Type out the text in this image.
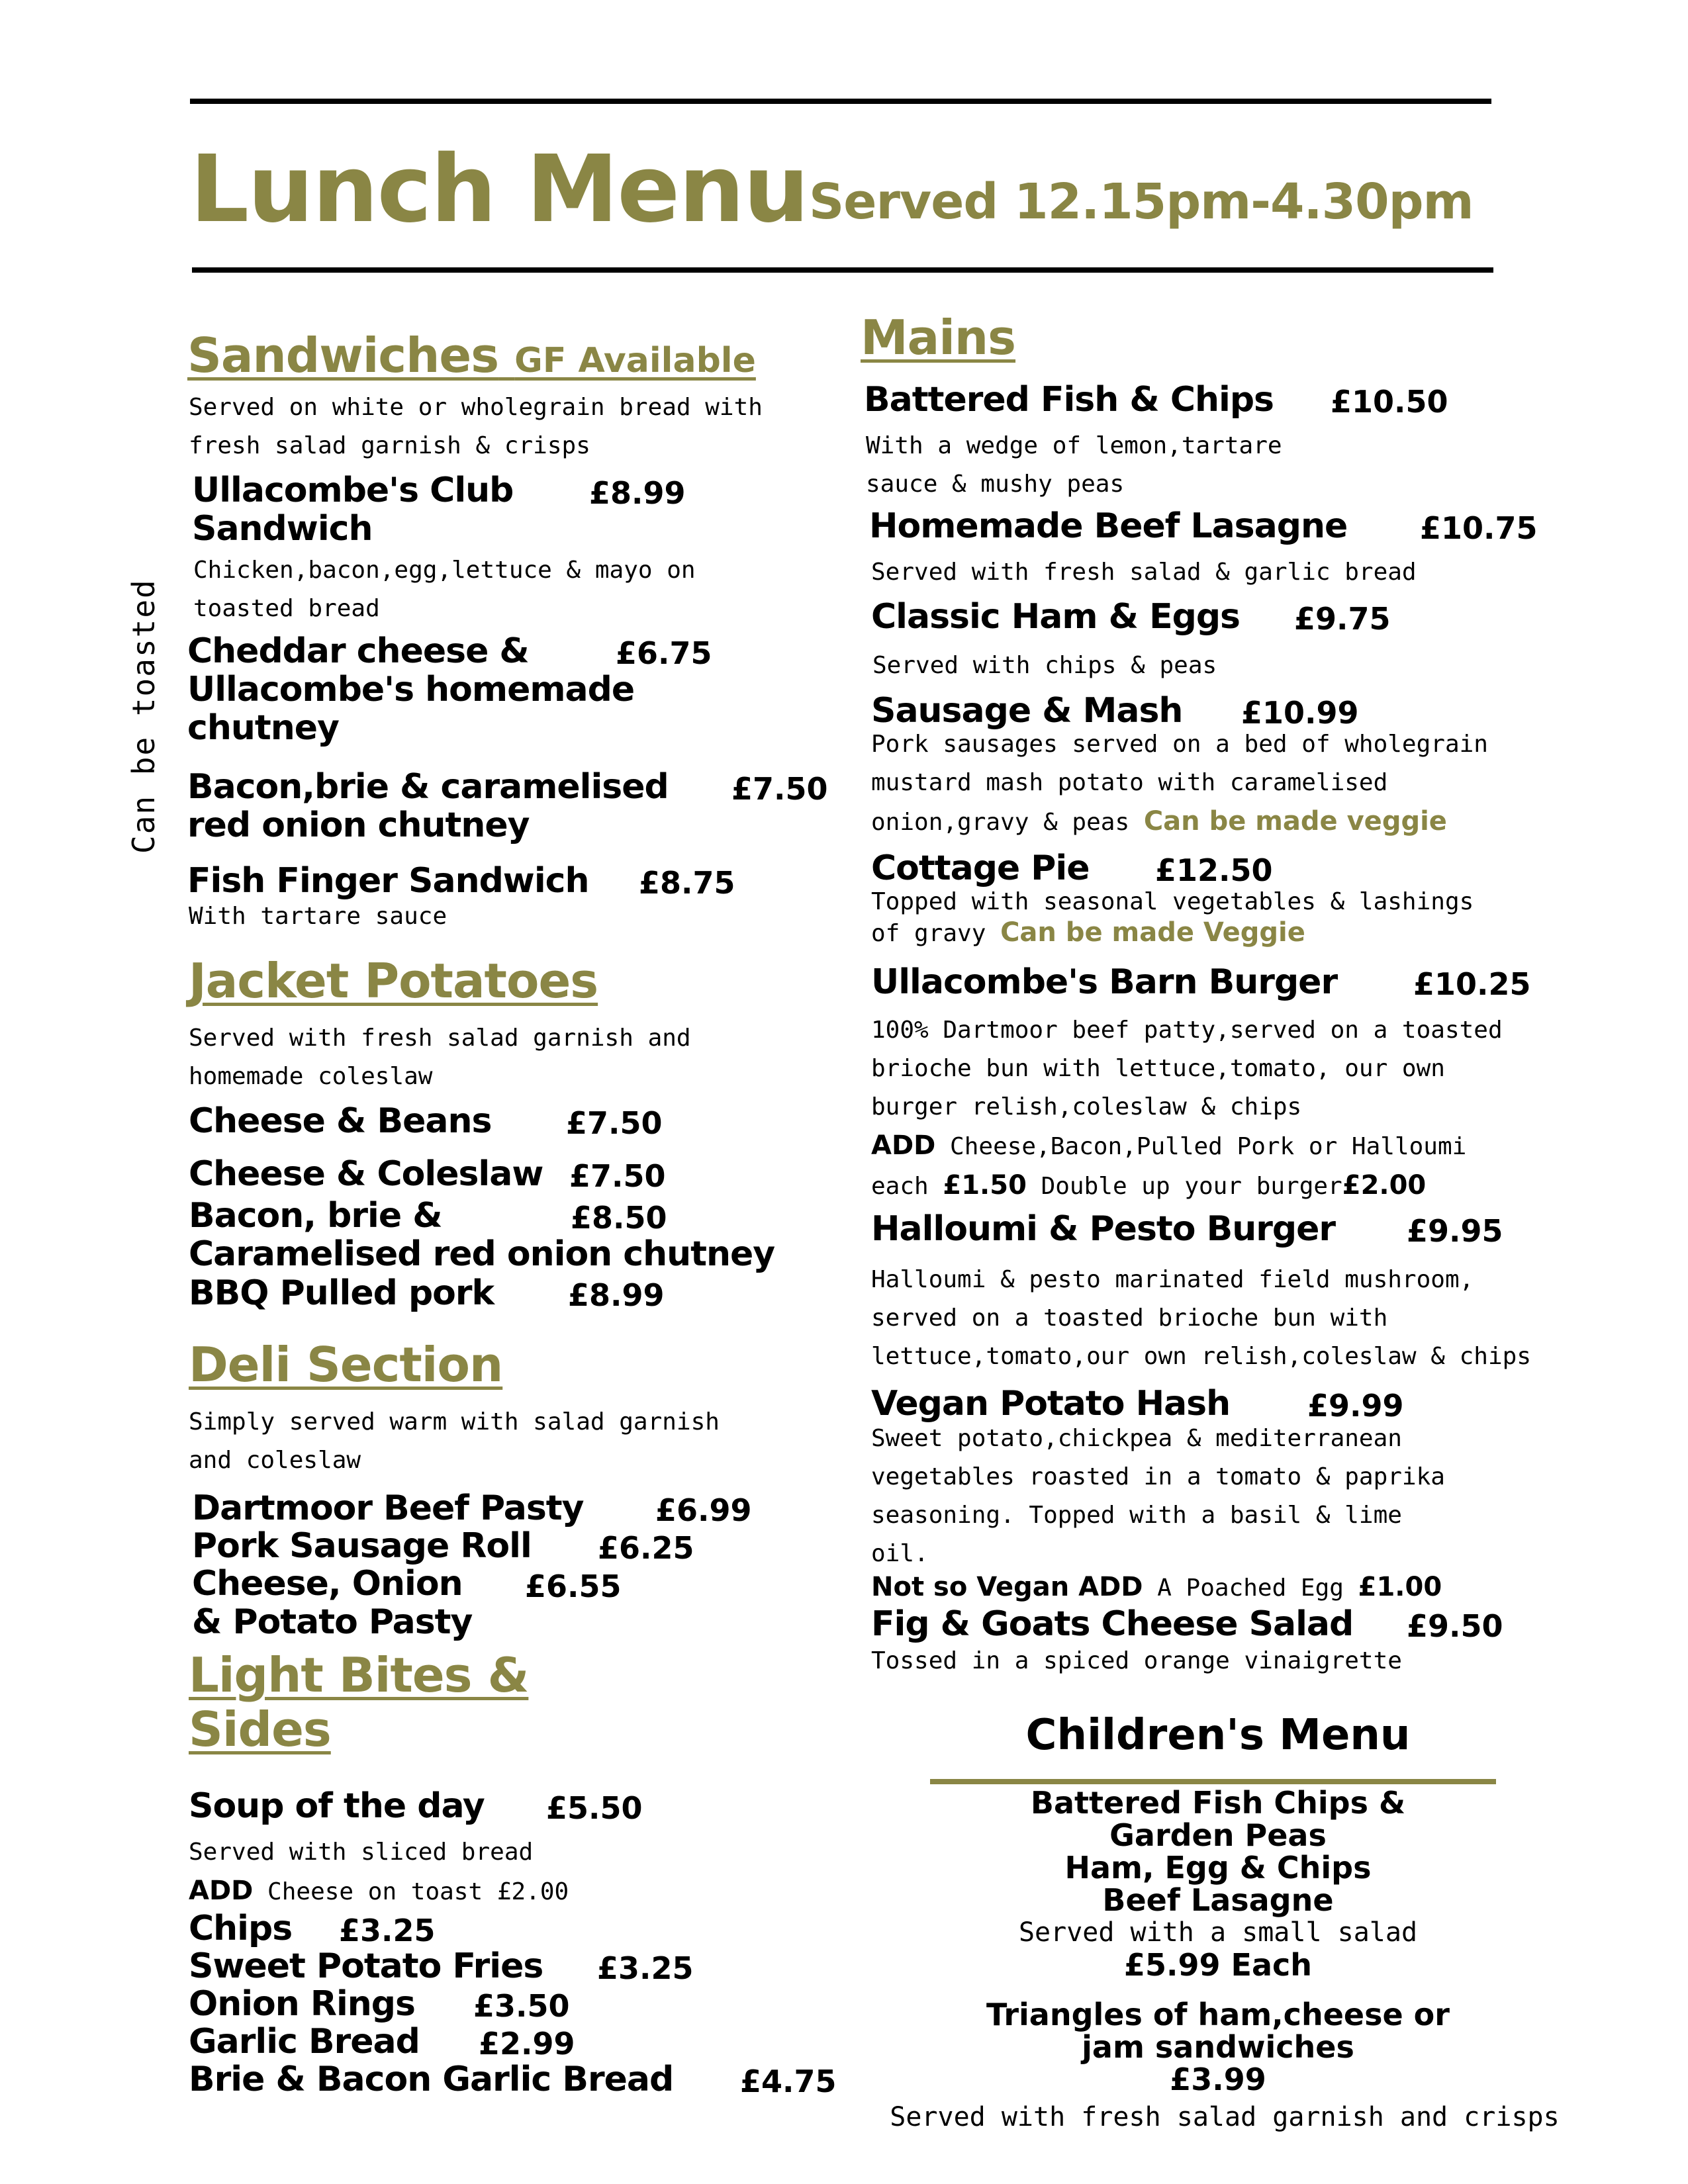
Lunch Menu Served 12.15pm-4.30pm
Can be toasted
Sandwiches GF Available
Served on white or wholegrain bread with
fresh salad garnish & crisps
Ullacombe's Club
Sandwich
£8.99
Chicken,bacon,egg,lettuce & mayo on
toasted bread
Cheddar cheese &
Ullacombe's homemade
chutney
£6.75
Bacon,brie & caramelised
red onion chutney
£7.50
Fish Finger Sandwich £8.75
With tartare sauce
Jacket Potatoes
Served with fresh salad garnish and
homemade coleslaw
Cheese & Beans £7.50
Cheese & Coleslaw £7.50
Bacon, brie &
Caramelised red onion chutney
£8.50
BBQ Pulled pork £8.99
Deli Section
Simply served warm with salad garnish
and coleslaw
Dartmoor Beef Pasty £6.99
Pork Sausage Roll £6.25
Cheese, Onion
& Potato Pasty
£6.55
Light Bites &
Sides
Soup of the day £5.50
Served with sliced bread
ADD Cheese on toast £2.00
Chips £3.25
Sweet Potato Fries £3.25
Onion Rings £3.50
Garlic Bread £2.99
Brie & Bacon Garlic Bread £4.75
Mains
Battered Fish & Chips £10.50
With a wedge of lemon,tartare
sauce & mushy peas
Homemade Beef Lasagne £10.75
Served with fresh salad & garlic bread
Classic Ham & Eggs £9.75
Served with chips & peas
Sausage & Mash £10.99
Pork sausages served on a bed of wholegrain
mustard mash potato with caramelised
onion,gravy & peas Can be made veggie
Cottage Pie £12.50
Topped with seasonal vegetables & lashings
of gravy Can be made Veggie
Ullacombe's Barn Burger £10.25
100% Dartmoor beef patty,served on a toasted
brioche bun with lettuce,tomato, our own
burger relish,coleslaw & chips
ADD Cheese,Bacon,Pulled Pork or Halloumi
each £1.50 Double up your burger£2.00
Halloumi & Pesto Burger £9.95
Halloumi & pesto marinated field mushroom,
served on a toasted brioche bun with
lettuce,tomato,our own relish,coleslaw & chips
Vegan Potato Hash	£9.99
Sweet potato,chickpea & mediterranean
vegetables roasted in a tomato & paprika
seasoning. Topped with a basil & lime
oil.
Not so Vegan ADD A Poached Egg £1.00
Fig & Goats Cheese Salad £9.50
Tossed in a spiced orange vinaigrette
Children's Menu
Battered Fish Chips &
Garden Peas
Ham, Egg & Chips
Beef Lasagne
Served with a small salad
£5.99 Each
Triangles of ham,cheese or
jam sandwiches
£3.99
Served with fresh salad garnish and crisps
